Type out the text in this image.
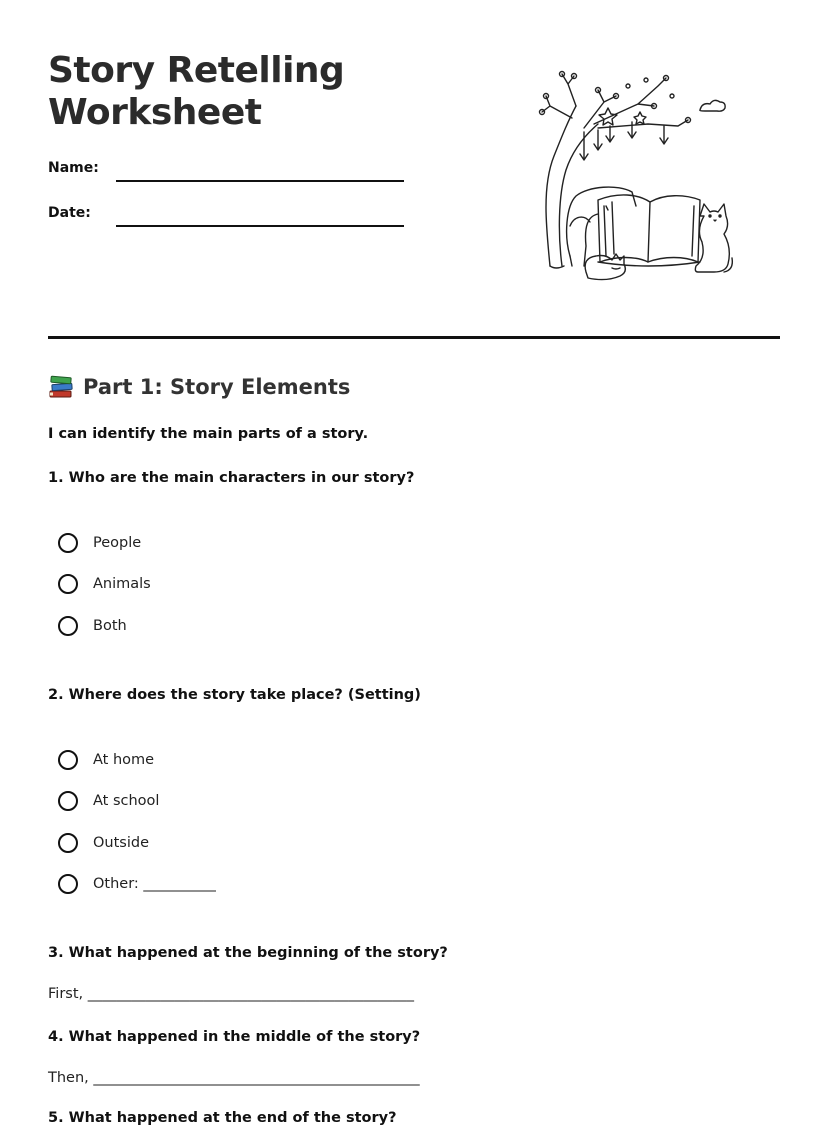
Story Retelling
Worksheet
Name:
Date:
Part 1: Story Elements
I can identify the main parts of a story.
1. Who are the main characters in our story?
People
Animals
Both
2. Where does the story take place? (Setting)
At home
At school
Outside
Other: __________
3. What happened at the beginning of the story?
First, _____________________________________________
4. What happened in the middle of the story?
Then, _____________________________________________
5. What happened at the end of the story?
